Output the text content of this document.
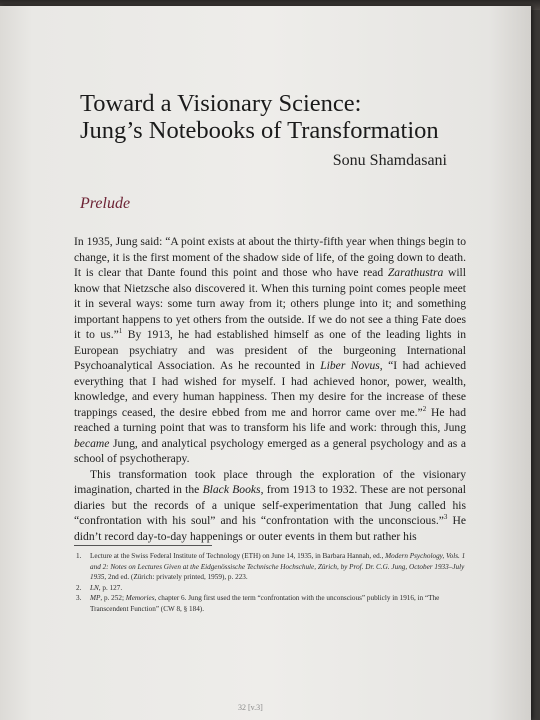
Toward a Visionary Science:
Jung’s Notebooks of Transformation
Sonu Shamdasani
Prelude

In 1935, Jung said: “A point exists at about the thirty-fifth year when things begin to change, it is the first moment of the shadow side of life, of the going down to death. It is clear that Dante found this point and those who have read Zarathustra will know that Nietzsche also discovered it. When this turning point comes people meet it in several ways: some turn away from it; others plunge into it; and something important happens to yet others from the outside. If we do not see a thing Fate does it to us.”$^1$ By 1913, he had established himself as one of the leading lights in European psychiatry and was president of the burgeoning International Psychoanalytical Association. As he recounted in Liber Novus, “I had achieved everything that I had wished for myself. I had achieved honor, power, wealth, knowledge, and every human happiness. Then my desire for the increase of these trappings ceased, the desire ebbed from me and horror came over me.”$^2$ He had reached a turning point that was to transform his life and work: through this, Jung became Jung, and analytical psychology emerged as a general psychology and as a school of psychotherapy.

This transformation took place through the exploration of the visionary imagination, charted in the Black Books, from 1913 to 1932. These are not personal diaries but the records of a unique self-experimentation that Jung called his “confrontation with his soul” and his “confrontation with the unconscious.”$^3$ He didn’t record day-to-day happenings or outer events in them but rather his

1. Lecture at the Swiss Federal Institute of Technology (ETH) on June 14, 1935, in Barbara Hannah, ed., Modern Psychology, Vols. 1 and 2: Notes on Lectures Given at the Eidgenössische Technische Hochschule, Zürich, by Prof. Dr. C.G. Jung, October 1933–July 1935, 2nd ed. (Zürich: privately printed, 1959), p. 223.
2. LN, p. 127.
3. MP, p. 252; Memories, chapter 6. Jung first used the term “confrontation with the unconscious” publicly in 1916, in “The Transcendent Function” (CW 8, § 184).
32 [v.3]
